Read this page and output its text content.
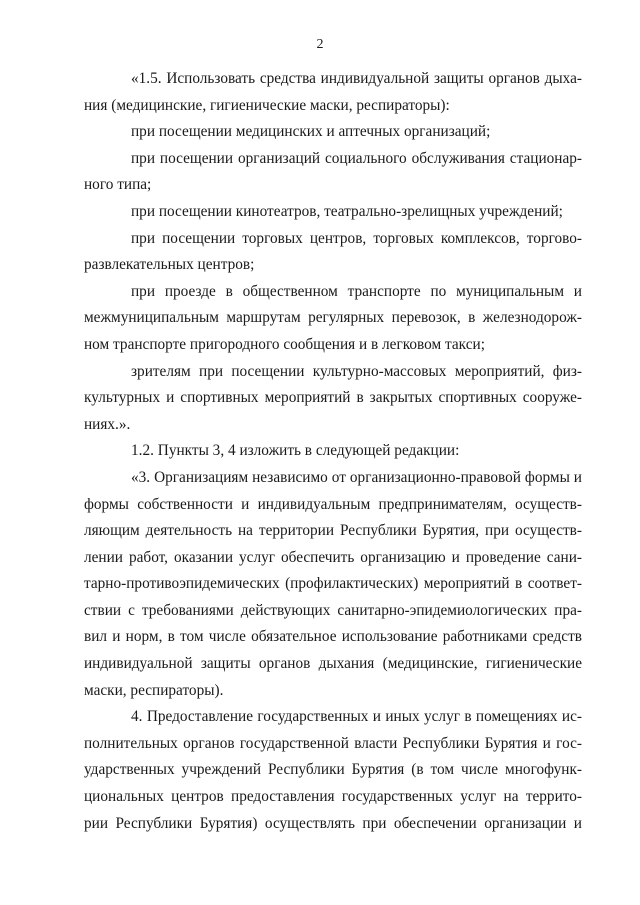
2

«1.5. Использовать средства индивидуальной защиты органов дыха-
ния (медицинские, гигиенические маски, респираторы):

при посещении медицинских и аптечных организаций;

при посещении организаций социального обслуживания стационар-
ного типа;

при посещении кинотеатров, театрально-зрелищных учреждений;

при посещении торговых центров, торговых комплексов, торгово-
развлекательных центров;

при проезде в общественном транспорте по муниципальным и
межмуниципальным маршрутам регулярных перевозок, в железнодорож-
ном транспорте пригородного сообщения и в легковом такси;

зрителям при посещении культурно-массовых мероприятий, физ-
культурных и спортивных мероприятий в закрытых спортивных сооруже-
ниях.».

1.2. Пункты 3, 4 изложить в следующей редакции:

«3. Организациям независимо от организационно-правовой формы и
формы собственности и индивидуальным предпринимателям, осуществ-
ляющим деятельность на территории Республики Бурятия, при осуществ-
лении работ, оказании услуг обеспечить организацию и проведение сани-
тарно-противоэпидемических (профилактических) мероприятий в соответ-
ствии с требованиями действующих санитарно-эпидемиологических пра-
вил и норм, в том числе обязательное использование работниками средств
индивидуальной защиты органов дыхания (медицинские, гигиенические
маски, респираторы).

4. Предоставление государственных и иных услуг в помещениях ис-
полнительных органов государственной власти Республики Бурятия и гос-
ударственных учреждений Республики Бурятия (в том числе многофунк-
циональных центров предоставления государственных услуг на террито-
рии Республики Бурятия) осуществлять при обеспечении организации и
